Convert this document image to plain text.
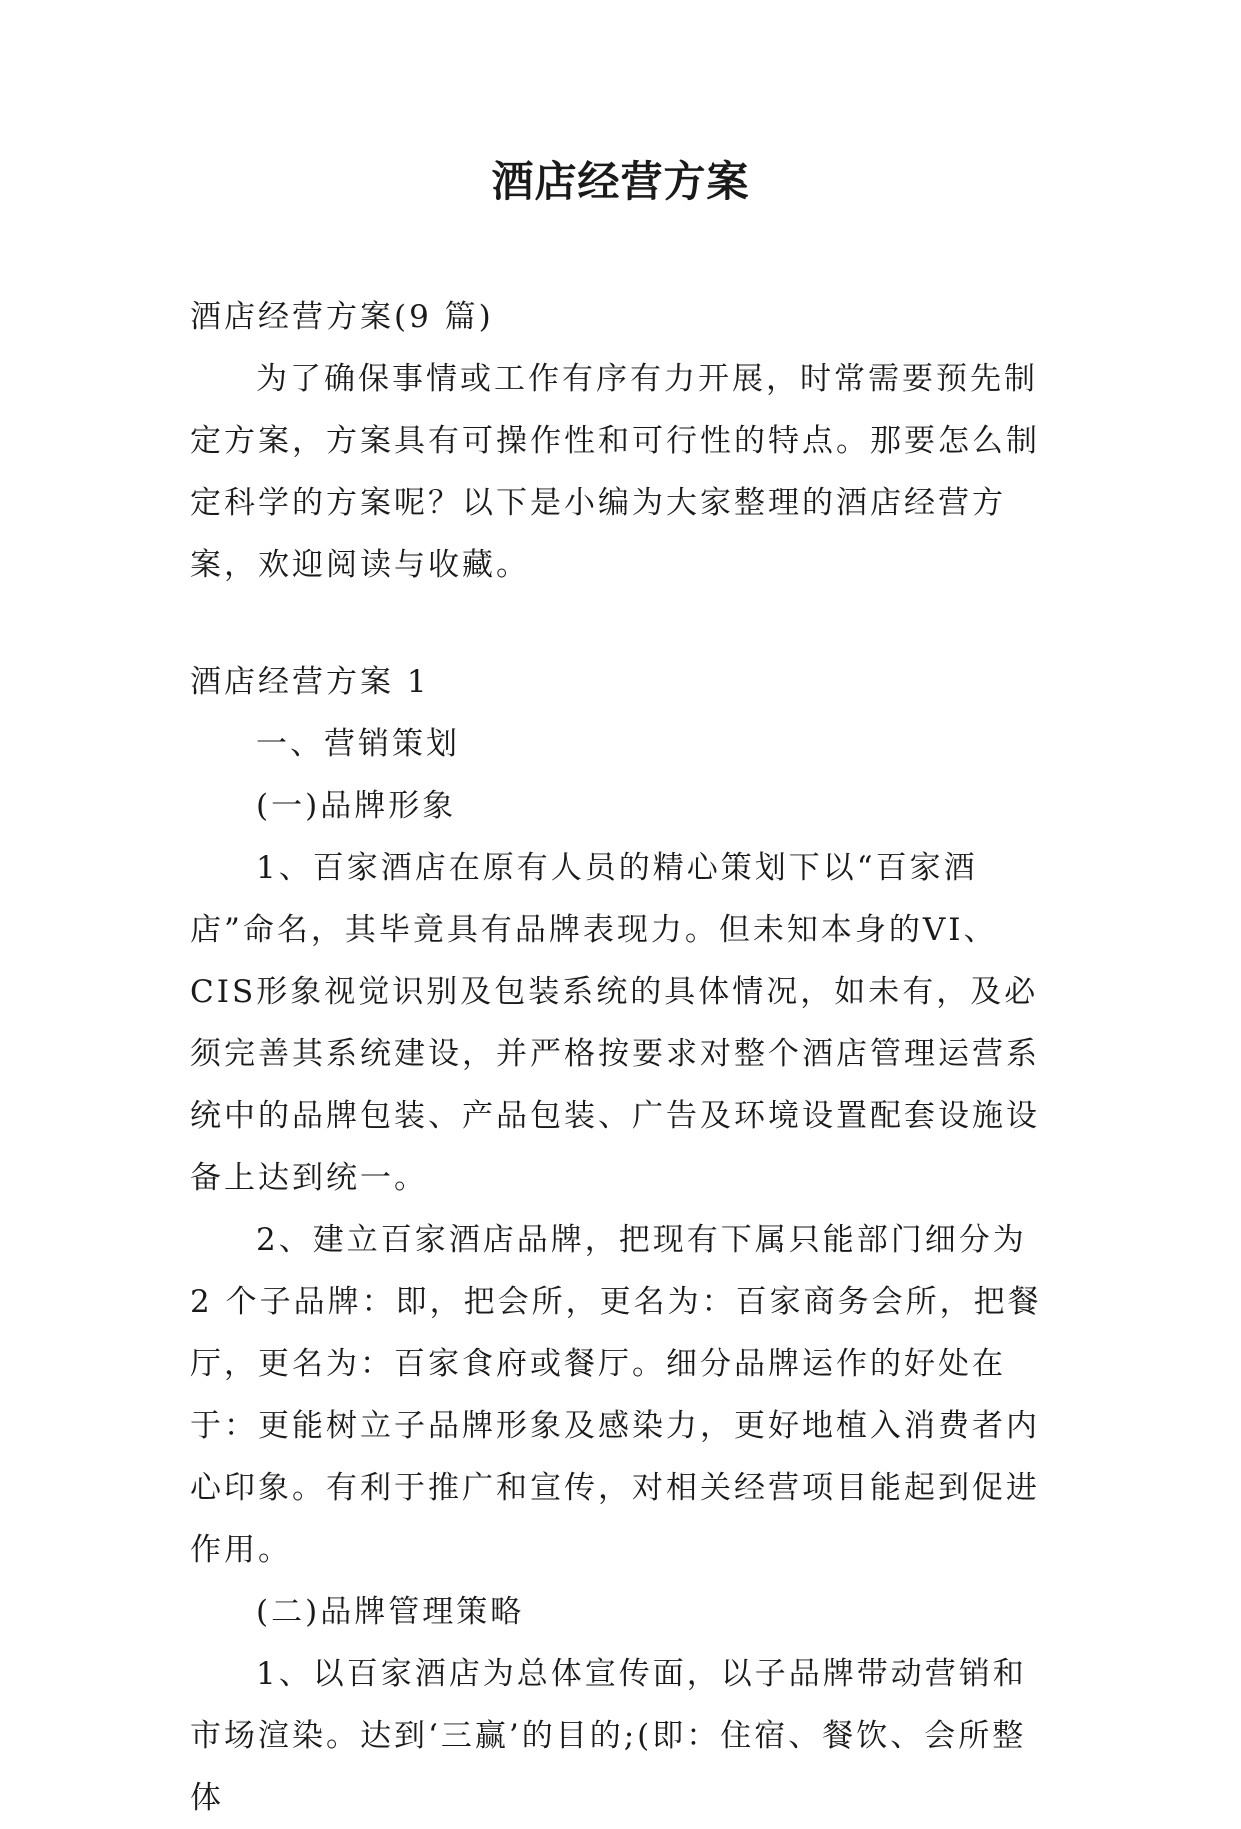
酒店经营方案

酒店经营方案(9 篇)

为了确保事情或工作有序有力开展，时常需要预先制定方案，方案具有可操作性和可行性的特点。那要怎么制定科学的方案呢？以下是小编为大家整理的酒店经营方案，欢迎阅读与收藏。

酒店经营方案 1

一、营销策划

(一)品牌形象

1、百家酒店在原有人员的精心策划下以“百家酒店”命名，其毕竟具有品牌表现力。但未知本身的VI、CIS形象视觉识别及包装系统的具体情况，如未有，及必须完善其系统建设，并严格按要求对整个酒店管理运营系统中的品牌包装、产品包装、广告及环境设置配套设施设备上达到统一。

2、建立百家酒店品牌，把现有下属只能部门细分为 2 个子品牌：即，把会所，更名为：百家商务会所，把餐厅，更名为：百家食府或餐厅。细分品牌运作的好处在于：更能树立子品牌形象及感染力，更好地植入消费者内心印象。有利于推广和宣传，对相关经营项目能起到促进作用。

(二)品牌管理策略

1、以百家酒店为总体宣传面，以子品牌带动营销和市场渲染。达到‘三赢’的目的;(即：住宿、餐饮、会所整体
